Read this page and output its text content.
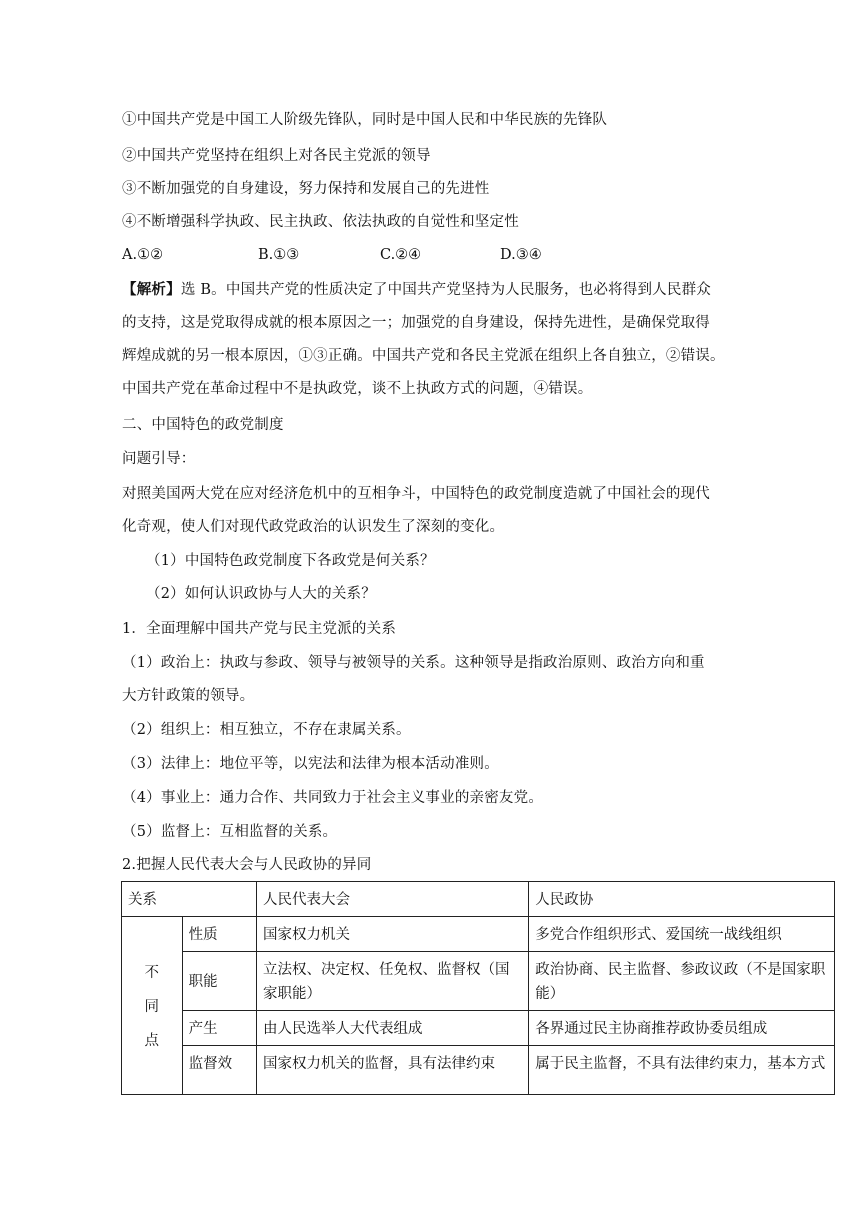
①中国共产党是中国工人阶级先锋队，同时是中国人民和中华民族的先锋队
②中国共产党坚持在组织上对各民主党派的领导
③不断加强党的自身建设，努力保持和发展自己的先进性
④不断增强科学执政、民主执政、依法执政的自觉性和坚定性
A.①②	B.①③	C.②④	D.③④
【解析】选 B。中国共产党的性质决定了中国共产党坚持为人民服务，也必将得到人民群众
的支持，这是党取得成就的根本原因之一；加强党的自身建设，保持先进性，是确保党取得
辉煌成就的另一根本原因，①③正确。中国共产党和各民主党派在组织上各自独立，②错误。
中国共产党在革命过程中不是执政党，谈不上执政方式的问题，④错误。
二、中国特色的政党制度
问题引导：
对照美国两大党在应对经济危机中的互相争斗，中国特色的政党制度造就了中国社会的现代
化奇观，使人们对现代政党政治的认识发生了深刻的变化。
（1）中国特色政党制度下各政党是何关系？
（2）如何认识政协与人大的关系？
1．全面理解中国共产党与民主党派的关系
（1）政治上：执政与参政、领导与被领导的关系。这种领导是指政治原则、政治方向和重
大方针政策的领导。
（2）组织上：相互独立，不存在隶属关系。
（3）法律上：地位平等，以宪法和法律为根本活动准则。
（4）事业上：通力合作、共同致力于社会主义事业的亲密友党。
（5）监督上：互相监督的关系。
2.把握人民代表大会与人民政协的异同
关系		人民代表大会	人民政协

不
同
点	性质	国家权力机关	多党合作组织形式、爱国统一战线组织
	职能	立法权、决定权、任免权、监督权（国家职能）	政治协商、民主监督、参政议政（不是国家职能）
	产生	由人民选举人大代表组成	各界通过民主协商推荐政协委员组成
	监督效	国家权力机关的监督，具有法律约束	属于民主监督，不具有法律约束力，基本方式
